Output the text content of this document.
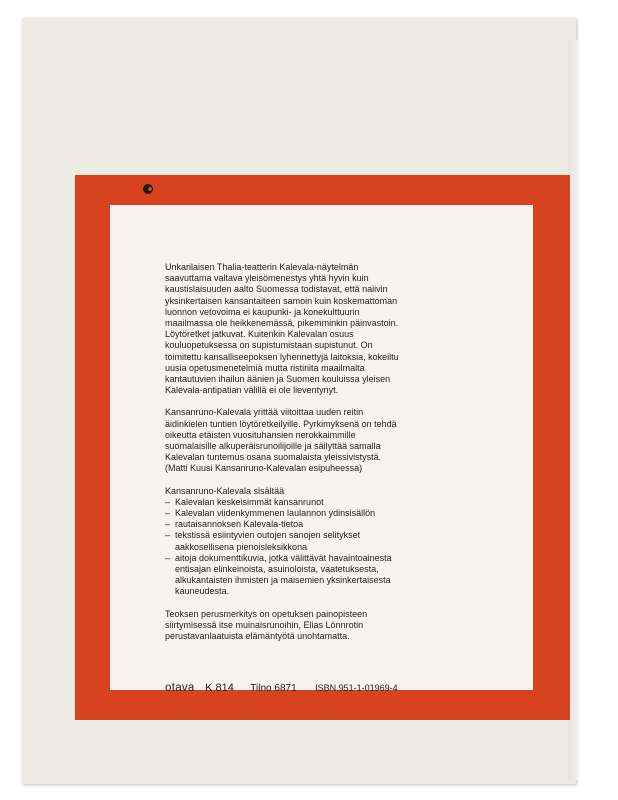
Unkarilaisen Thalia-teatterin Kalevala-näytelmän
saavuttama valtava yleisömenestys yhtä hyvin kuin
kaustislaisuuden aalto Suomessa todistavat, että naiivin
yksinkertaisen kansantaiteen samoin kuin koskemattoman
luonnon vetovoima ei kaupunki- ja konekulttuurin
maailmassa ole heikkenemässä, pikemminkin päinvastoin.
Löytöretket jatkuvat. Kuitenkin Kalevalan osuus
kouluopetuksessa on supistumistaan supistunut. On
toimitettu kansalliseepoksen lyhennettyjä laitoksia, kokeiltu
uusia opetusmenetelmiä mutta ristiriita maailmalta
kantautuvien ihailun äänien ja Suomen kouluissa yleisen
Kalevala-antipatian välillä ei ole lieventynyt.

Kansanruno-Kalevala yrittää viitoittaa uuden reitin
äidinkielen tuntien löytöretkeilyille. Pyrkimyksenä on tehdä
oikeutta etäisten vuosituhansien nerokkaimmille
suomalaisille alkuperäisrunoilijoille ja säilyttää samalla
Kalevalan tuntemus osana suomalaista yleissivistystä.
(Matti Kuusi Kansanruno-Kalevalan esipuheessa)

Kansanruno-Kalevala sisältää

– Kalevalan keskeisimmät kansanrunot
– Kalevalan viidenkymmenen laulannon ydinsisällön
– rautaisannoksen Kalevala-tietoa
– tekstissä esiintyvien outojen sanojen selitykset
aakkosellisena pienoisleksikkona
– aitoja dokumenttikuvia, jotka välittävät havaintoainesta
entisajan elinkeinoista, asuinoloista, vaatetuksesta,
alkukantaisten ihmisten ja maisemien yksinkertaisesta
kauneudesta.

Teoksen perusmerkitys on opetuksen painopisteen
siirtymisessä itse muinaisrunoihin, Elias Lönnrotin
perustavanlaatuista elämäntyötä unohtamatta.

otava K 814 Tilno 6871 ISBN 951-1-01969-4
